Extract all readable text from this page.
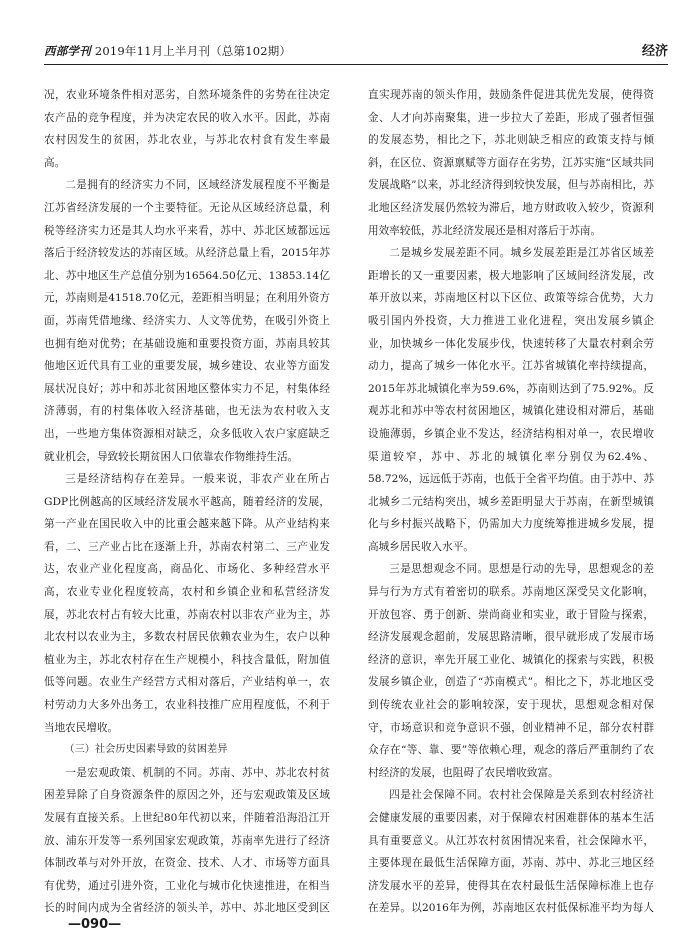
西部学刊 2019年11月上半月刊（总第102期）	经济

况，农业环境条件相对恶劣，自然环境条件的劣势在往决定农产品的竞争程度，并为决定农民的收入水平。因此，苏南农村因发生的贫困，苏北农业，与苏北农村食有发生率最高。

二是拥有的经济实力不同，区域经济发展程度不平衡是江苏省经济发展的一个主要特征。无论从区域经济总量，利税等经济实力还是其人均水平来看，苏中、苏北区域都远远落后于经济较发达的苏南区域。从经济总量上看，2015年苏北、苏中地区生产总值分别为16564.50亿元、13853.14亿元，苏南则是41518.70亿元，差距相当明显；在利用外资方面，苏南凭借地缘、经济实力、人文等优势，在吸引外资上也拥有绝对优势；在基础设施和重要投资方面，苏南具较其他地区近代具有工业的重要发展，城乡建设、农业等方面发展状况良好；苏中和苏北贫困地区整体实力不足，村集体经济薄弱，有的村集体收入经济基础，也无法为农村收入支出，一些地方集体资源相对缺乏，众多低收入农户家庭缺乏就业机会，导致较长期贫困人口依靠农作物维持生活。

三是经济结构存在差异。一般来说，非农产业在所占GDP比例越高的区域经济发展水平越高，随着经济的发展，第一产业在国民收入中的比重会越来越下降。从产业结构来看，二、三产业占比在逐渐上升，苏南农村第二、三产业发达，农业产业化程度高，商品化、市场化、多种经营水平高，农业专业化程度较高，农村和乡镇企业和私营经济发展，苏北农村占有较大比重，苏南农村以非农产业为主，苏北农村以农业为主，多数农村居民依赖农业为生，农户以种植业为主，苏北农村存在生产规模小，科技含量低，附加值低等问题。农业生产经营方式相对落后，产业结构单一，农村劳动力大多外出务工，农业科技推广应用程度低，不利于当地农民增收。

（三）社会历史因素导致的贫困差异

一是宏观政策、机制的不同。苏南、苏中、苏北农村贫困差异除了自身资源条件的原因之外，还与宏观政策及区域发展有直接关系。上世纪80年代初以来，伴随着沿海沿江开放、浦东开发等一系列国家宏观政策，苏南率先进行了经济体制改革与对外开放，在资金、技术、人才、市场等方面具有优势，通过引进外资，工业化与城市化快速推进，在相当长的时间内成为全省经济的领头羊，苏中、苏北地区受到区

直实现苏南的领头作用，鼓励条件促进其优先发展，使得资金、人才向苏南聚集，进一步拉大了差距，形成了强者恒强的发展态势，相比之下，苏北则缺乏相应的政策支持与倾斜，在区位、资源禀赋等方面存在劣势，江苏实施“区域共同发展战略”以来，苏北经济得到较快发展，但与苏南相比，苏北地区经济发展仍然较为滞后，地方财政收入较少，资源利用效率较低，苏北经济发展还是相对落后于苏南。

二是城乡发展差距不同。城乡发展差距是江苏省区域差距增长的又一重要因素，极大地影响了区域间经济发展，改革开放以来，苏南地区村以下区位、政策等综合优势，大力吸引国内外投资，大力推进工业化进程，突出发展乡镇企业，加快城乡一体化发展步伐，快速转移了大量农村剩余劳动力，提高了城乡一体化水平。江苏省城镇化率持续提高，2015年苏北城镇化率为59.6%，苏南则达到了75.92%。反观苏北和苏中等农村贫困地区，城镇化建设相对滞后，基础设施薄弱，乡镇企业不发达，经济结构相对单一，农民增收渠道较窄，苏中、苏北的城镇化率分别仅为62.4%、58.72%，远远低于苏南，也低于全省平均值。由于苏中、苏北城乡二元结构突出，城乡差距明显大于苏南，在新型城镇化与乡村振兴战略下，仍需加大力度统筹推进城乡发展，提高城乡居民收入水平。

三是思想观念不同。思想是行动的先导，思想观念的差异与行为方式有着密切的联系。苏南地区深受吴文化影响，开放包容、勇于创新、崇尚商业和实业，敢于冒险与探索，经济发展观念超前，发展思路清晰，很早就形成了发展市场经济的意识，率先开展工业化、城镇化的探索与实践，积极发展乡镇企业，创造了“苏南模式”。相比之下，苏北地区受到传统农业社会的影响较深，安于现状，思想观念相对保守，市场意识和竞争意识不强，创业精神不足，部分农村群众存在“等、靠、要”等依赖心理，观念的落后严重制约了农村经济的发展，也阻碍了农民增收致富。

四是社会保障不同。农村社会保障是关系到农村经济社会健康发展的重要因素，对于保障农村困难群体的基本生活具有重要意义。从江苏农村贫困情况来看，社会保障水平，主要体现在最低生活保障方面，苏南、苏中、苏北三地区经济发展水平的差异，使得其在农村最低生活保障标准上也存在差异。以2016年为例，苏南地区农村低保标准平均为每人

—090—
